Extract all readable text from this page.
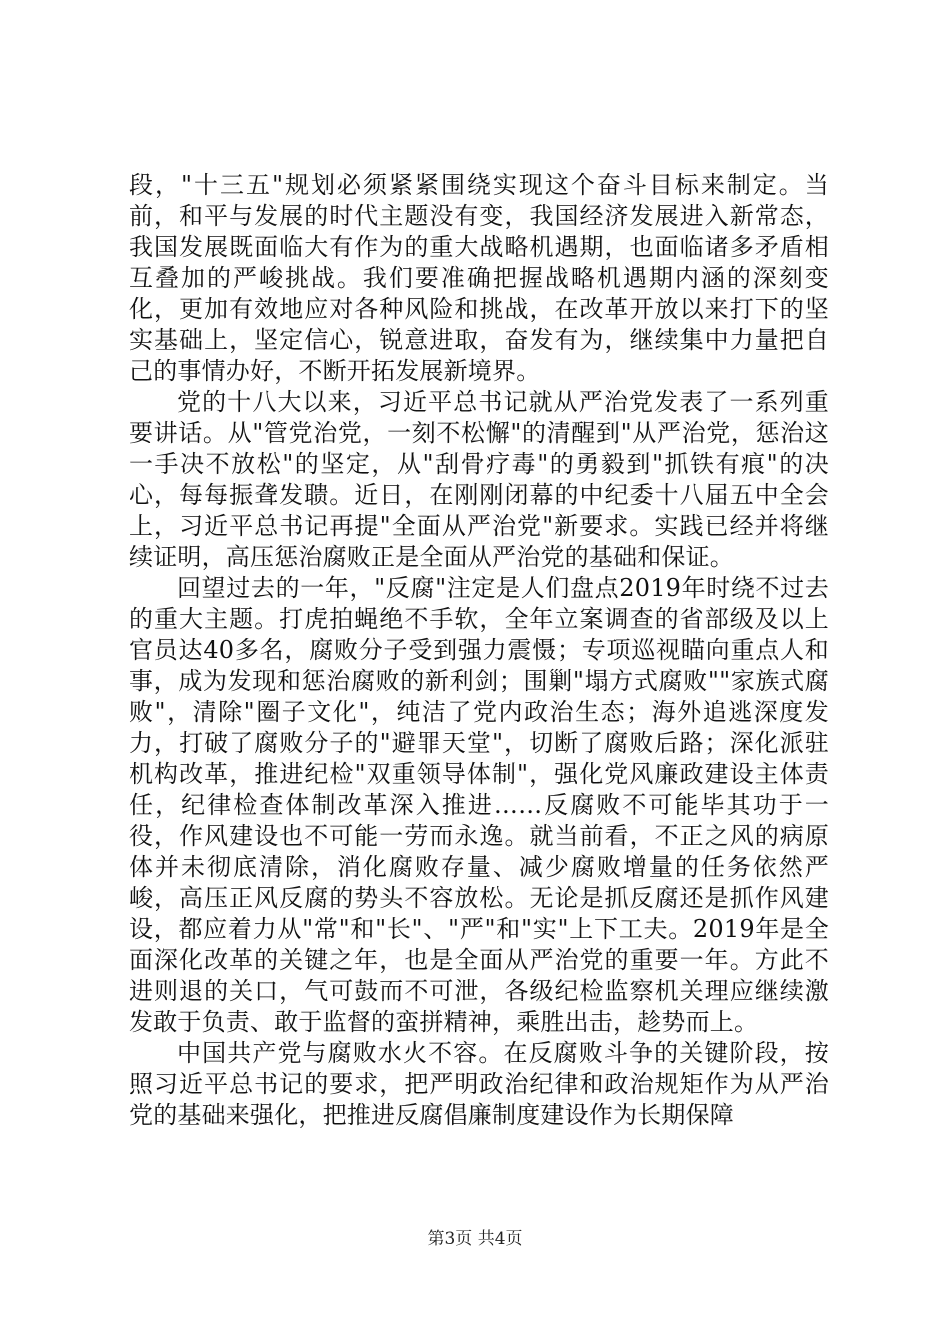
段，"十三五"规划必须紧紧围绕实现这个奋斗目标来制定。当前，和平与发展的时代主题没有变，我国经济发展进入新常态，我国发展既面临大有作为的重大战略机遇期，也面临诸多矛盾相互叠加的严峻挑战。我们要准确把握战略机遇期内涵的深刻变化，更加有效地应对各种风险和挑战，在改革开放以来打下的坚实基础上，坚定信心，锐意进取，奋发有为，继续集中力量把自己的事情办好，不断开拓发展新境界。

党的十八大以来，习近平总书记就从严治党发表了一系列重要讲话。从"管党治党，一刻不松懈"的清醒到"从严治党，惩治这一手决不放松"的坚定，从"刮骨疗毒"的勇毅到"抓铁有痕"的决心，每每振聋发聩。近日，在刚刚闭幕的中纪委十八届五中全会上，习近平总书记再提"全面从严治党"新要求。实践已经并将继续证明，高压惩治腐败正是全面从严治党的基础和保证。

回望过去的一年，"反腐"注定是人们盘点2019年时绕不过去的重大主题。打虎拍蝇绝不手软，全年立案调查的省部级及以上官员达40多名，腐败分子受到强力震慑；专项巡视瞄向重点人和事，成为发现和惩治腐败的新利剑；围剿"塌方式腐败""家族式腐败"，清除"圈子文化"，纯洁了党内政治生态；海外追逃深度发力，打破了腐败分子的"避罪天堂"，切断了腐败后路；深化派驻机构改革，推进纪检"双重领导体制"，强化党风廉政建设主体责任，纪律检查体制改革深入推进……反腐败不可能毕其功于一役，作风建设也不可能一劳而永逸。就当前看，不正之风的病原体并未彻底清除，消化腐败存量、减少腐败增量的任务依然严峻，高压正风反腐的势头不容放松。无论是抓反腐还是抓作风建设，都应着力从"常"和"长"、"严"和"实"上下工夫。2019年是全面深化改革的关键之年，也是全面从严治党的重要一年。方此不进则退的关口，气可鼓而不可泄，各级纪检监察机关理应继续激发敢于负责、敢于监督的蛮拼精神，乘胜出击，趁势而上。

中国共产党与腐败水火不容。在反腐败斗争的关键阶段，按照习近平总书记的要求，把严明政治纪律和政治规矩作为从严治党的基础来强化，把推进反腐倡廉制度建设作为长期保障

第3页 共4页
